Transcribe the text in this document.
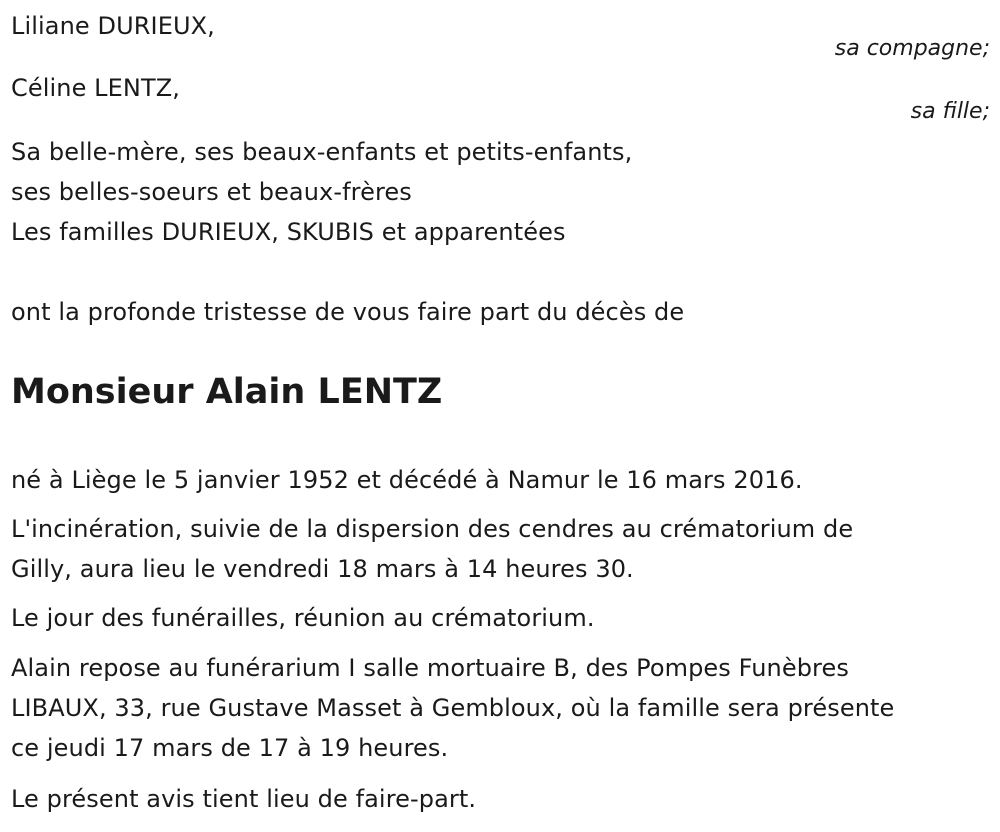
Liliane DURIEUX,
sa compagne;
Céline LENTZ,
sa fille;
Sa belle-mère, ses beaux-enfants et petits-enfants,
ses belles-soeurs et beaux-frères
Les familles DURIEUX, SKUBIS et apparentées
ont la profonde tristesse de vous faire part du décès de
Monsieur Alain LENTZ
né à Liège le 5 janvier 1952 et décédé à Namur le 16 mars 2016.
L'incinération, suivie de la dispersion des cendres au crématorium de
Gilly, aura lieu le vendredi 18 mars à 14 heures 30.
Le jour des funérailles, réunion au crématorium.
Alain repose au funérarium I salle mortuaire B, des Pompes Funèbres
LIBAUX, 33, rue Gustave Masset à Gembloux, où la famille sera présente
ce jeudi 17 mars de 17 à 19 heures.
Le présent avis tient lieu de faire-part.
